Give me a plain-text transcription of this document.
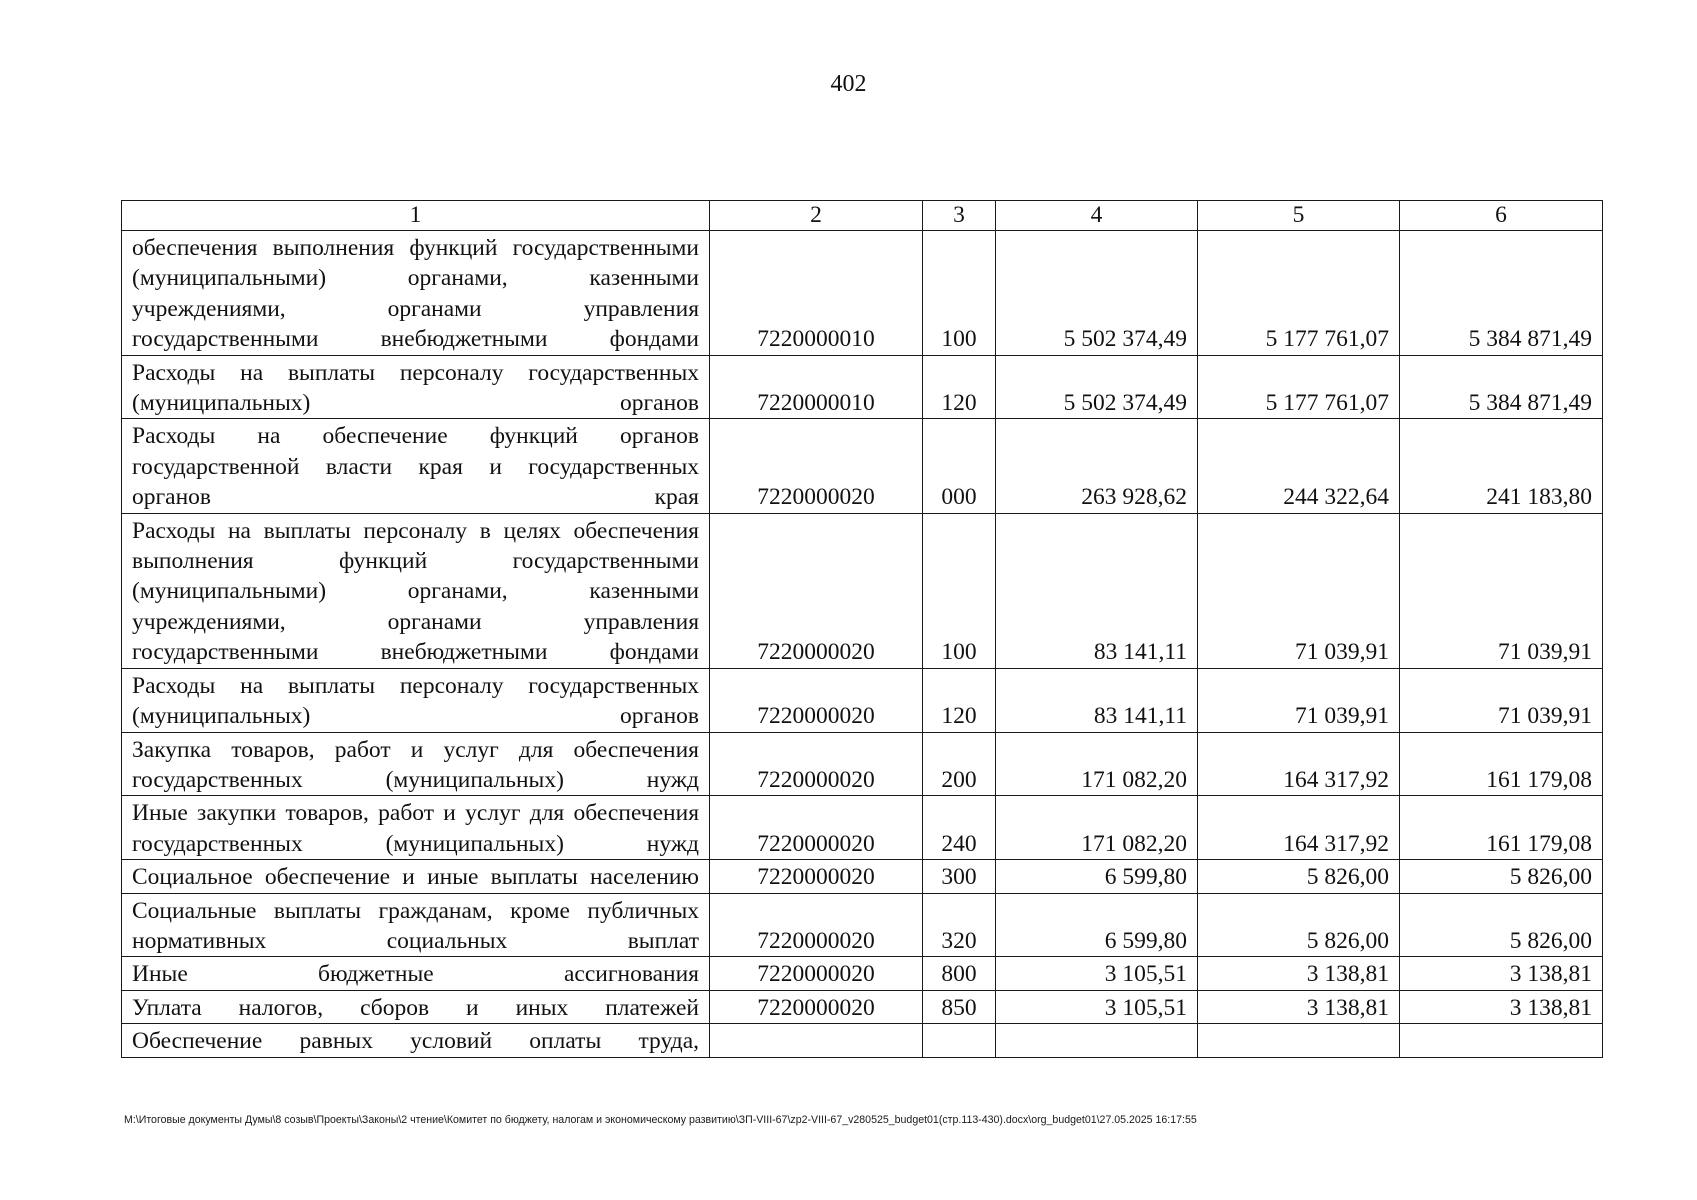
402
1	2	3	4	5	6
обеспечения выполнения функций государственными (муниципальными) органами, казенными учреждениями, органами управления государственными внебюджетными фондами	7220000010	100	5 502 374,49	5 177 761,07	5 384 871,49
Расходы на выплаты персоналу государственных (муниципальных) органов	7220000010	120	5 502 374,49	5 177 761,07	5 384 871,49
Расходы на обеспечение функций органов государственной власти края и государственных органов края	7220000020	000	263 928,62	244 322,64	241 183,80
Расходы на выплаты персоналу в целях обеспечения выполнения функций государственными (муниципальными) органами, казенными учреждениями, органами управления государственными внебюджетными фондами	7220000020	100	83 141,11	71 039,91	71 039,91
Расходы на выплаты персоналу государственных (муниципальных) органов	7220000020	120	83 141,11	71 039,91	71 039,91
Закупка товаров, работ и услуг для обеспечения государственных (муниципальных) нужд	7220000020	200	171 082,20	164 317,92	161 179,08
Иные закупки товаров, работ и услуг для обеспечения государственных (муниципальных) нужд	7220000020	240	171 082,20	164 317,92	161 179,08
Социальное обеспечение и иные выплаты населению	7220000020	300	6 599,80	5 826,00	5 826,00
Социальные выплаты гражданам, кроме публичных нормативных социальных выплат	7220000020	320	6 599,80	5 826,00	5 826,00
Иные бюджетные ассигнования	7220000020	800	3 105,51	3 138,81	3 138,81
Уплата налогов, сборов и иных платежей	7220000020	850	3 105,51	3 138,81	3 138,81
Обеспечение равных условий оплаты труда,					
M:\Итоговые документы Думы\8 созыв\Проекты\Законы\2 чтение\Комитет по бюджету, налогам и экономическому развитию\ЗП-VIII-67\zp2-VIII-67_v280525_budget01(стр.113-430).docx\org_budget01\27.05.2025 16:17:55
